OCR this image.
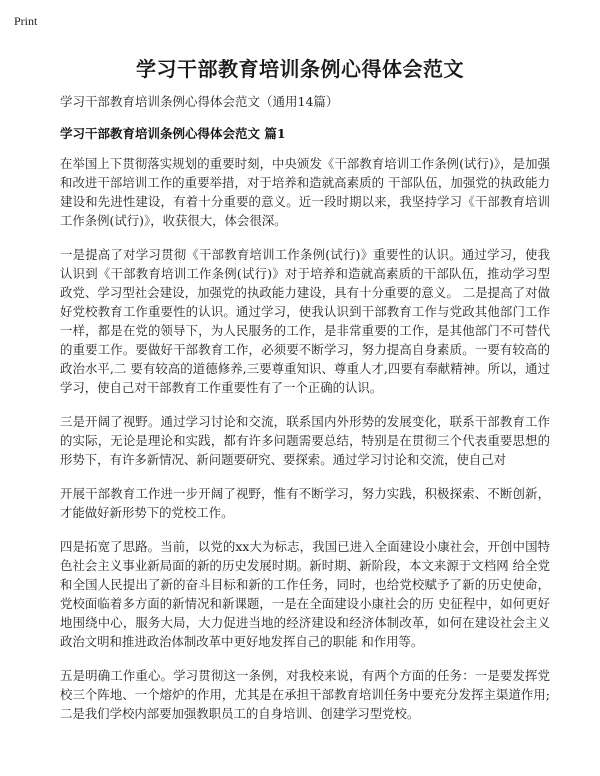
Print
学习干部教育培训条例心得体会范文
学习干部教育培训条例心得体会范文（通用14篇）
学习干部教育培训条例心得体会范文 篇1

在举国上下贯彻落实规划的重要时刻，中央颁发《干部教育培训工作条例(试行)》，是加强和改进干部培训工作的重要举措，对于培养和造就高素质的 干部队伍，加强党的执政能力建设和先进性建设，有着十分重要的意义。近一段时期以来，我坚持学习《干部教育培训工作条例(试行)》，收获很大，体会很深。

一是提高了对学习贯彻《干部教育培训工作条例(试行)》重要性的认识。通过学习，使我认识到《干部教育培训工作条例(试行)》对于培养和造就高素质的干部队伍，推动学习型政党、学习型社会建设，加强党的执政能力建设，具有十分重要的意义。 二是提高了对做好党校教育工作重要性的认识。通过学习，使我认识到干部教育工作与党政其他部门工作一样，都是在党的领导下，为人民服务的工作，是非常重要的工作，是其他部门不可替代的重要工作。要做好干部教育工作，必须要不断学习，努力提高自身素质。一要有较高的政治水平,二 要有较高的道德修养,三要尊重知识、尊重人才,四要有奉献精神。所以，通过学习，使自己对干部教育工作重要性有了一个正确的认识。

三是开阔了视野。通过学习讨论和交流，联系国内外形势的发展变化，联系干部教育工作的实际，无论是理论和实践，都有许多问题需要总结，特别是在贯彻三个代表重要思想的形势下，有许多新情况、新问题要研究、要探索。通过学习讨论和交流，使自己对

开展干部教育工作进一步开阔了视野，惟有不断学习，努力实践，积极探索、不断创新，才能做好新形势下的党校工作。

四是拓宽了思路。当前，以党的xx大为标志，我国已进入全面建设小康社会，开创中国特色社会主义事业新局面的新的历史发展时期。新时期、新阶段，本文来源于文档网 给全党和全国人民提出了新的奋斗目标和新的工作任务，同时，也给党校赋予了新的历史使命，党校面临着多方面的新情况和新课题，一是在全面建设小康社会的历 史征程中，如何更好地围绕中心，服务大局，大力促进当地的经济建设和经济体制改革，如何在建设社会主义政治文明和推进政治体制改革中更好地发挥自己的职能 和作用等。

五是明确工作重心。学习贯彻这一条例，对我校来说，有两个方面的任务：一是要发挥党校三个阵地、一个熔炉的作用，尤其是在承担干部教育培训任务中要充分发挥主渠道作用;二是我们学校内部要加强教职员工的自身培训、创建学习型党校。
